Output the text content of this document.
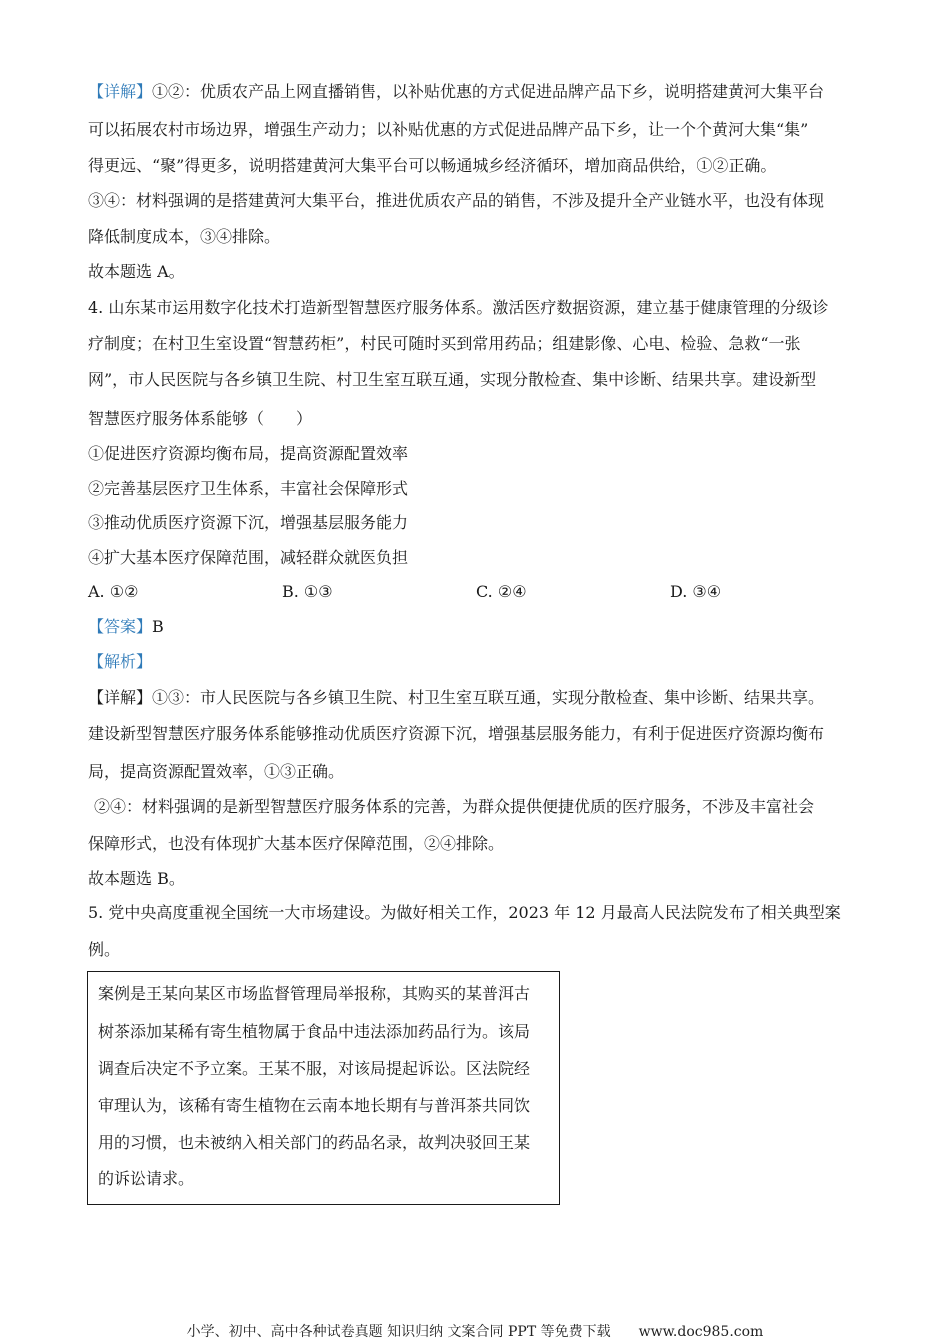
【详解】①②：优质农产品上网直播销售，以补贴优惠的方式促进品牌产品下乡，说明搭建黄河大集平台
可以拓展农村市场边界，增强生产动力；以补贴优惠的方式促进品牌产品下乡，让一个个黄河大集“集”
得更远、“聚”得更多，说明搭建黄河大集平台可以畅通城乡经济循环，增加商品供给，①②正确。
③④：材料强调的是搭建黄河大集平台，推进优质农产品的销售，不涉及提升全产业链水平，也没有体现
降低制度成本，③④排除。
故本题选 A。
4. 山东某市运用数字化技术打造新型智慧医疗服务体系。激活医疗数据资源，建立基于健康管理的分级诊
疗制度；在村卫生室设置“智慧药柜”，村民可随时买到常用药品；组建影像、心电、检验、急救“一张
网”，市人民医院与各乡镇卫生院、村卫生室互联互通，实现分散检查、集中诊断、结果共享。建设新型
智慧医疗服务体系能够（　　）
①促进医疗资源均衡布局，提高资源配置效率
②完善基层医疗卫生体系，丰富社会保障形式
③推动优质医疗资源下沉，增强基层服务能力
④扩大基本医疗保障范围，减轻群众就医负担
A. ①②	B. ①③	C. ②④	D. ③④
【答案】B
【解析】
【详解】①③：市人民医院与各乡镇卫生院、村卫生室互联互通，实现分散检查、集中诊断、结果共享。
建设新型智慧医疗服务体系能够推动优质医疗资源下沉，增强基层服务能力，有利于促进医疗资源均衡布
局，提高资源配置效率，①③正确。
②④：材料强调的是新型智慧医疗服务体系的完善，为群众提供便捷优质的医疗服务，不涉及丰富社会
保障形式，也没有体现扩大基本医疗保障范围，②④排除。
故本题选 B。
5. 党中央高度重视全国统一大市场建设。为做好相关工作，2023 年 12 月最高人民法院发布了相关典型案
例。
案例是王某向某区市场监督管理局举报称，其购买的某普洱古
树茶添加某稀有寄生植物属于食品中违法添加药品行为。该局
调查后决定不予立案。王某不服，对该局提起诉讼。区法院经
审理认为，该稀有寄生植物在云南本地长期有与普洱茶共同饮
用的习惯，也未被纳入相关部门的药品名录，故判决驳回王某
的诉讼请求。
小学、初中、高中各种试卷真题 知识归纳 文案合同 PPT 等免费下载　　www.doc985.com
